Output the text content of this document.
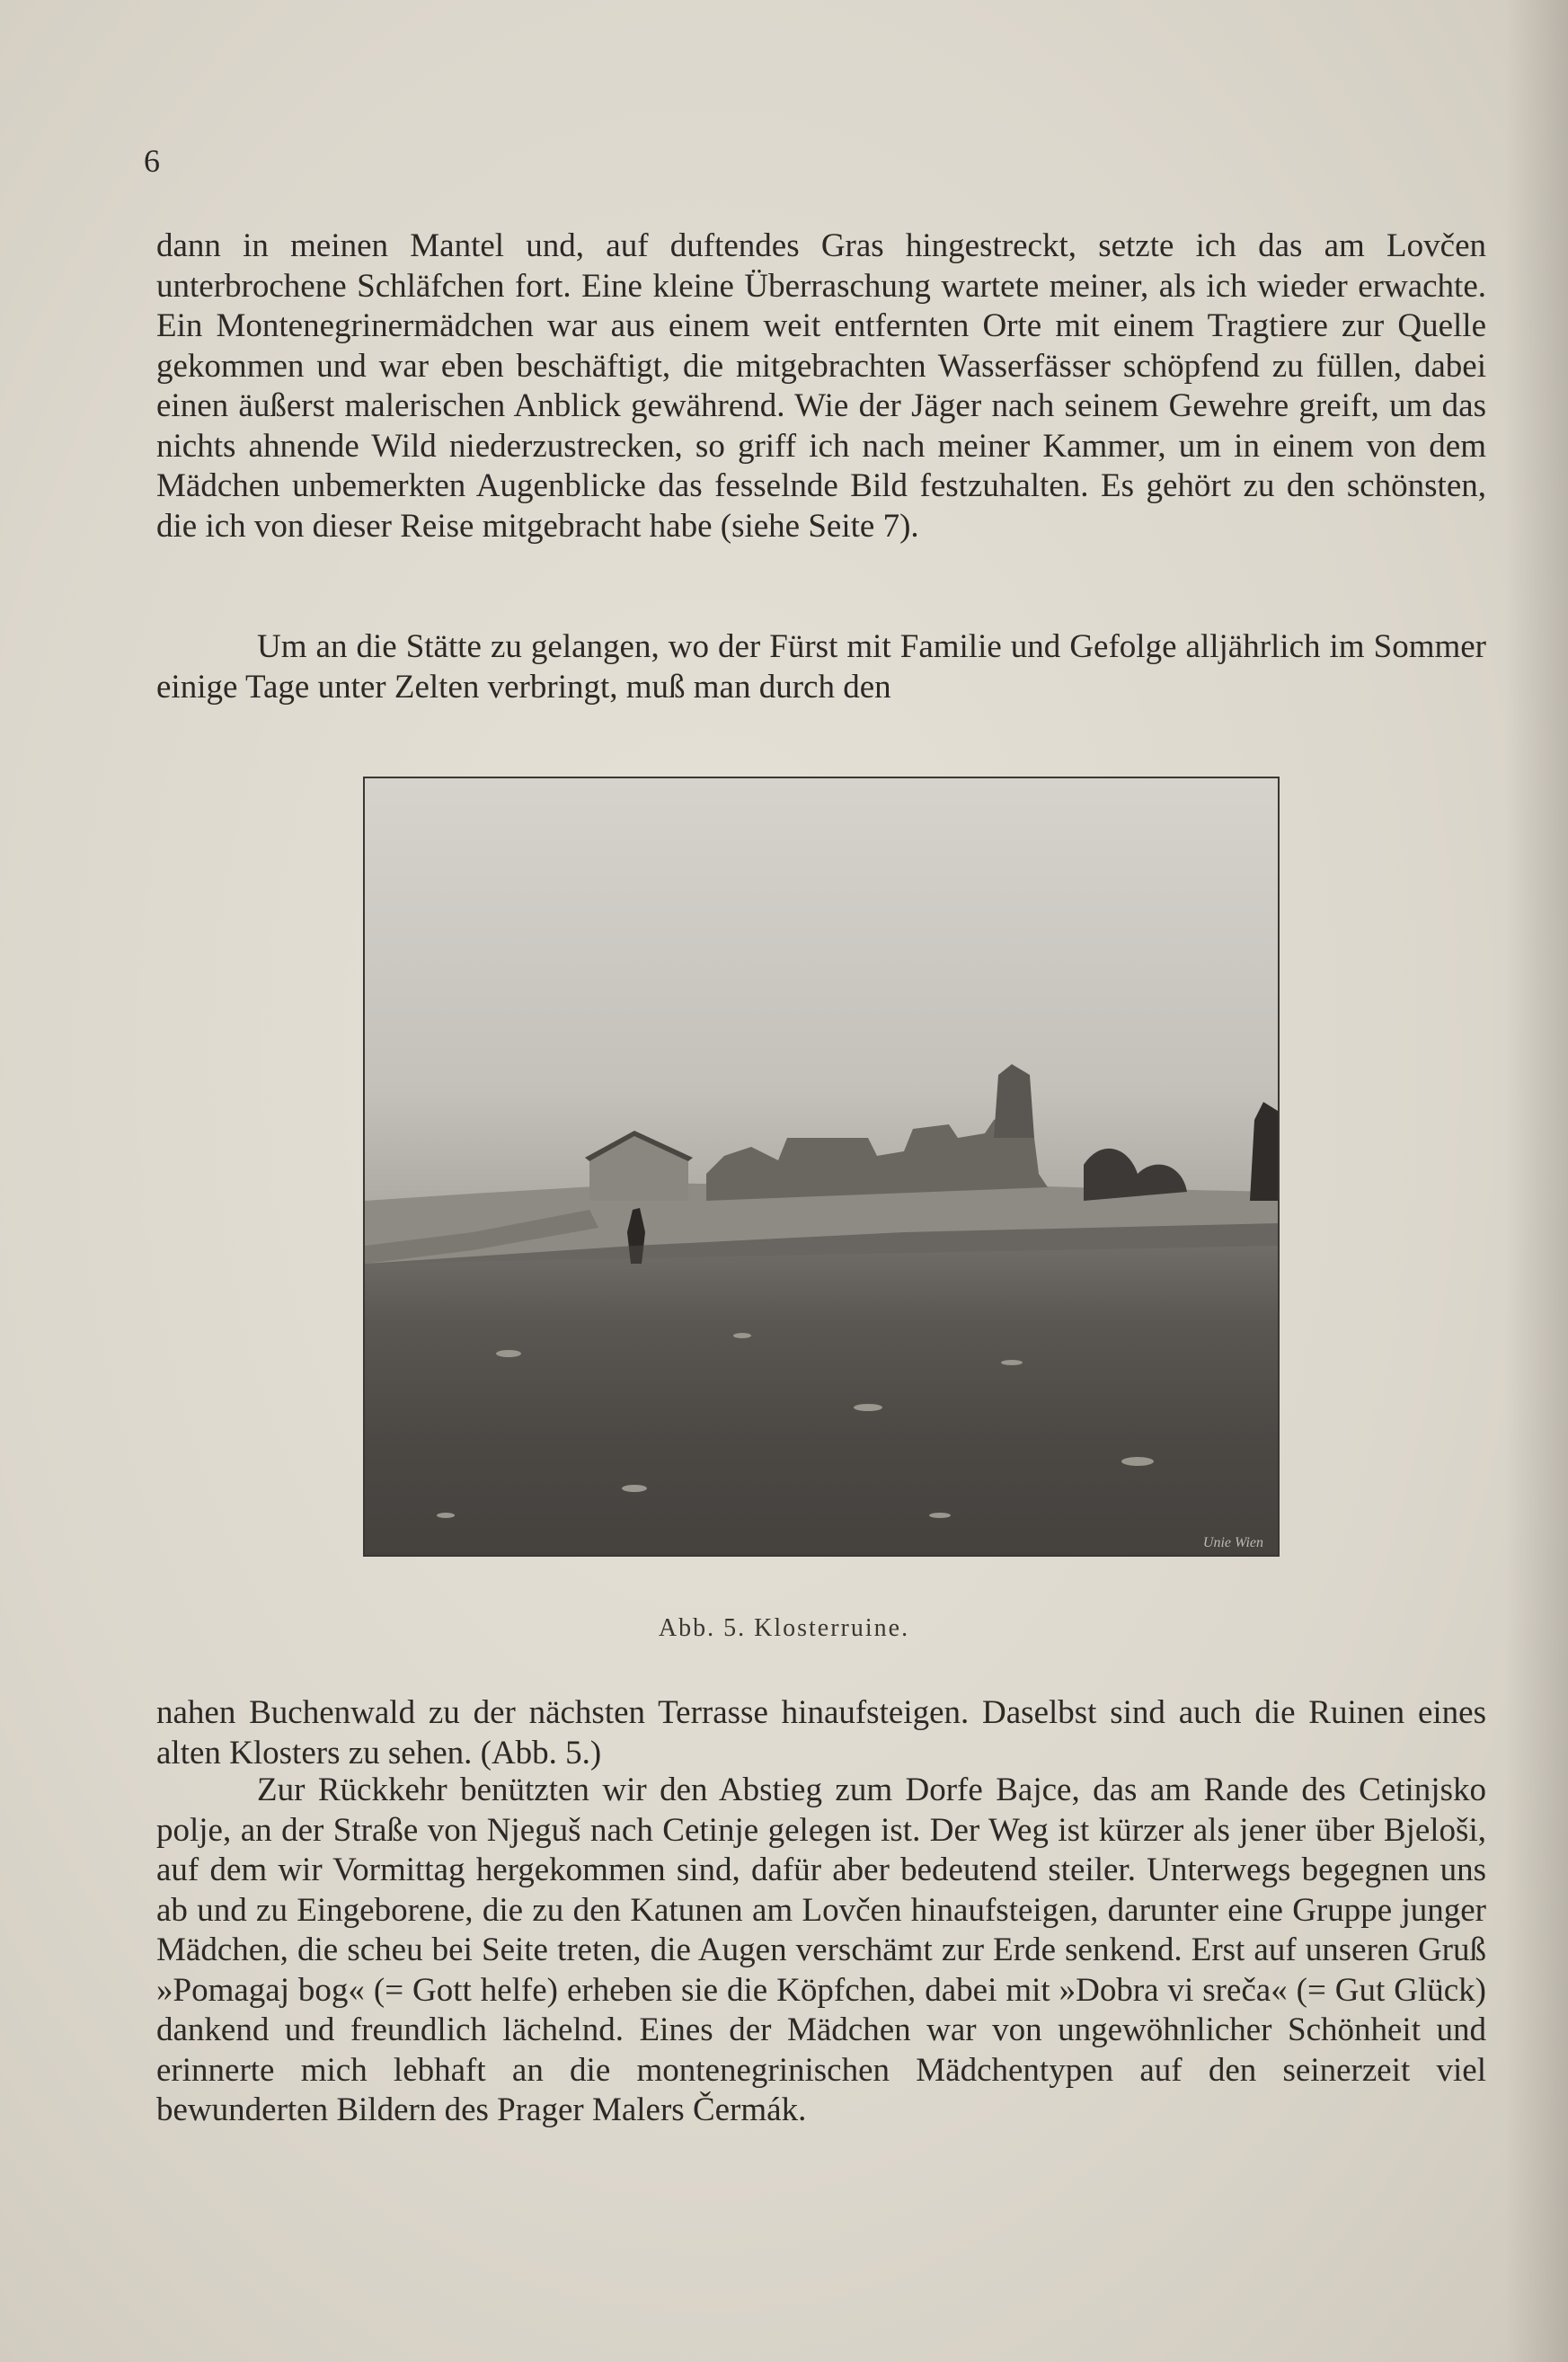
6

dann in meinen Mantel und, auf duftendes Gras hingestreckt, setzte ich das am Lovčen unterbrochene Schläfchen fort. Eine kleine Überraschung wartete meiner, als ich wieder erwachte. Ein Montenegrinermädchen war aus einem weit entfernten Orte mit einem Tragtiere zur Quelle gekommen und war eben beschäftigt, die mitgebrachten Wasserfässer schöpfend zu füllen, dabei einen äußerst malerischen Anblick gewährend. Wie der Jäger nach seinem Gewehre greift, um das nichts ahnende Wild niederzustrecken, so griff ich nach meiner Kammer, um in einem von dem Mädchen unbemerkten Augenblicke das fesselnde Bild festzuhalten. Es gehört zu den schönsten, die ich von dieser Reise mitgebracht habe (siehe Seite 7).

Um an die Stätte zu gelangen, wo der Fürst mit Familie und Gefolge alljährlich im Sommer einige Tage unter Zelten verbringt, muß man durch den

Unie Wien
Abb. 5. Klosterruine.

nahen Buchenwald zu der nächsten Terrasse hinaufsteigen. Daselbst sind auch die Ruinen eines alten Klosters zu sehen. (Abb. 5.)

Zur Rückkehr benützten wir den Abstieg zum Dorfe Bajce, das am Rande des Cetinjsko polje, an der Straße von Njeguš nach Cetinje gelegen ist. Der Weg ist kürzer als jener über Bjeloši, auf dem wir Vormittag hergekommen sind, dafür aber bedeutend steiler. Unterwegs begegnen uns ab und zu Eingeborene, die zu den Katunen am Lovčen hinaufsteigen, darunter eine Gruppe junger Mädchen, die scheu bei Seite treten, die Augen verschämt zur Erde senkend. Erst auf unseren Gruß »Pomagaj bog« (= Gott helfe) erheben sie die Köpfchen, dabei mit »Dobra vi sreča« (= Gut Glück) dankend und freundlich lächelnd. Eines der Mädchen war von ungewöhnlicher Schönheit und erinnerte mich lebhaft an die montenegrinischen Mädchentypen auf den seinerzeit viel bewunderten Bildern des Prager Malers Čermák.
